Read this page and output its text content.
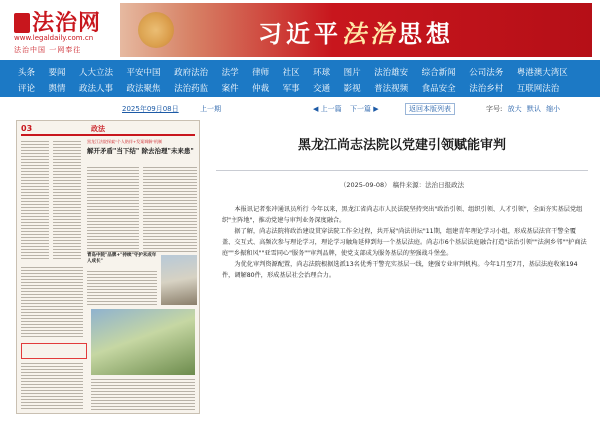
法治网
www.legaldaily.com.cn
法治中国 一网奉往
习近平法治思想
头条 要闻 人大立法 平安中国 政府法治 法学 律师 社区 环球 图片 法治雄安 综合新闻 公司法务 粤港澳大湾区
评论 舆情 政法人事 政法聚焦 法治药监 案件 仲裁 军事 交通 影视 普法视频 食品安全 法治乡村 互联网法治
2025年09月08日	上一期	◀ 上一篇 下一篇 ▶	返回本版列表	字号: 放大 默认 缩小
03	政法
黑龙江法院探索"个人陪伴+发案调解"机制
解开矛盾"当下结" 除去治理"未来患"
青岛中院"品牌+"持续"守护未成年人成长"
黑龙江尚志法院以党建引领赋能审判
（2025-09-08） 稿件来源：法治日报政法

本报讯记者张冲通讯员所行 今年以来，黑龙江省尚志市人民法院坚持突出"政治引领、组织引领、人才引领"，全面夯实基层党组织"主阵地"，推动党建与审判业务深度融合。

据了解，尚志法院将政治建设贯穿法院工作全过程，共开展"尚法讲坛"11期，组建青年理论学习小组，形成基层法官干警全覆盖、交互式、高频次参与理论学习，理论学习触角延伸到每一个基层法庭。尚志市6个基层法庭融合打造"法治引领""法润乡邻""护商法庭""乡振和风""亚雪同心"服务""审判品牌，使党支部成为服务基层的坚强战斗堡垒。

为优化审判资源配置，尚志法院根据选派13名优秀干警充实基层一线，建强专业审判机构。今年1月至7月，基层法庭收案194件，调解80件，形成基层社会治理合力。
